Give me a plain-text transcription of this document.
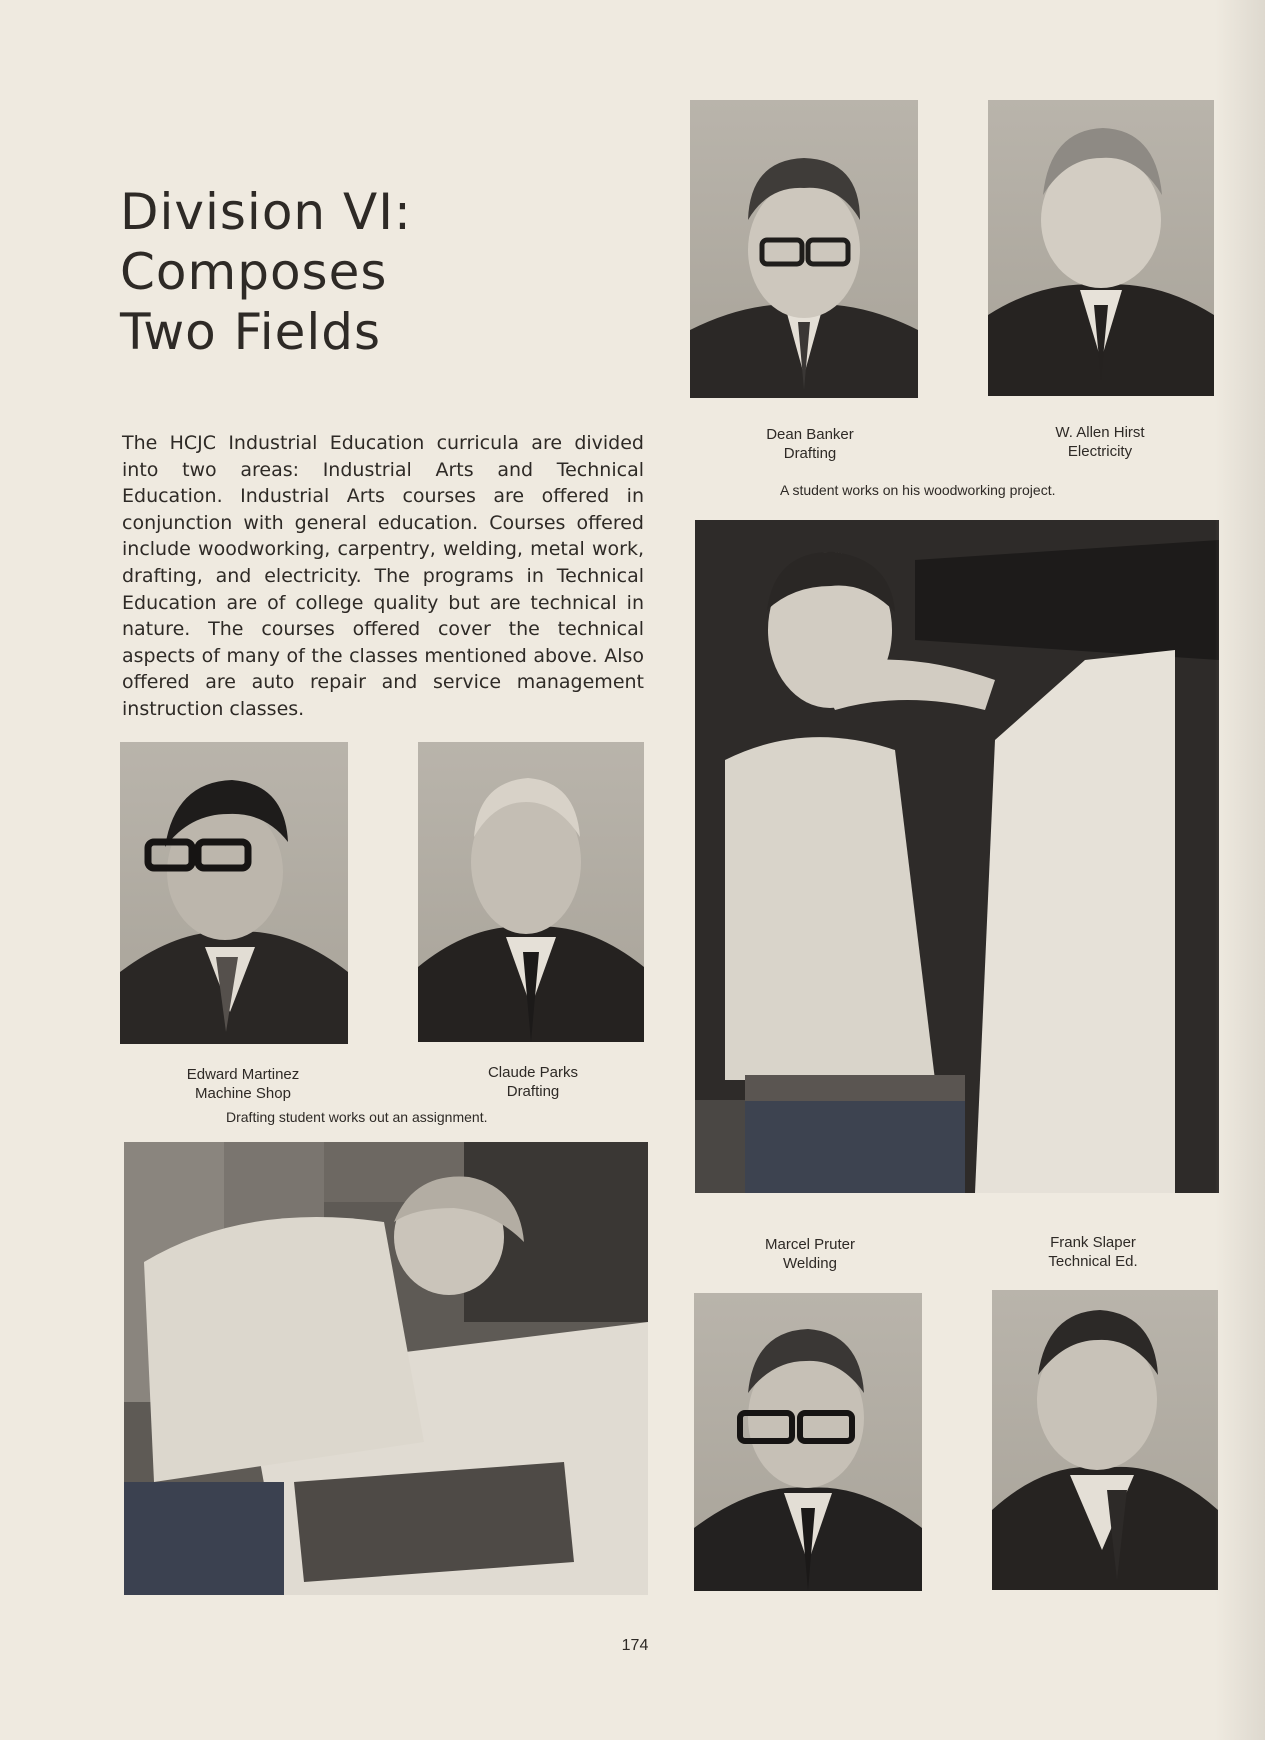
Division VI:
Composes
Two Fields

The HCJC Industrial Education curricula are divided into two areas: Industrial Arts and Technical Education. Industrial Arts courses are offered in conjunction with general education. Courses offered include woodworking, carpentry, welding, metal work, drafting, and electricity. The programs in Technical Education are of college quality but are technical in nature. The courses offered cover the technical aspects of many of the classes mentioned above. Also offered are auto repair and service management instruction classes.

Dean Banker
Drafting
W. Allen Hirst
Electricity
A student works on his woodworking project.
Edward Martinez
Machine Shop
Claude Parks
Drafting
Drafting student works out an assignment.
Marcel Pruter
Welding
Frank Slaper
Technical Ed.
174
